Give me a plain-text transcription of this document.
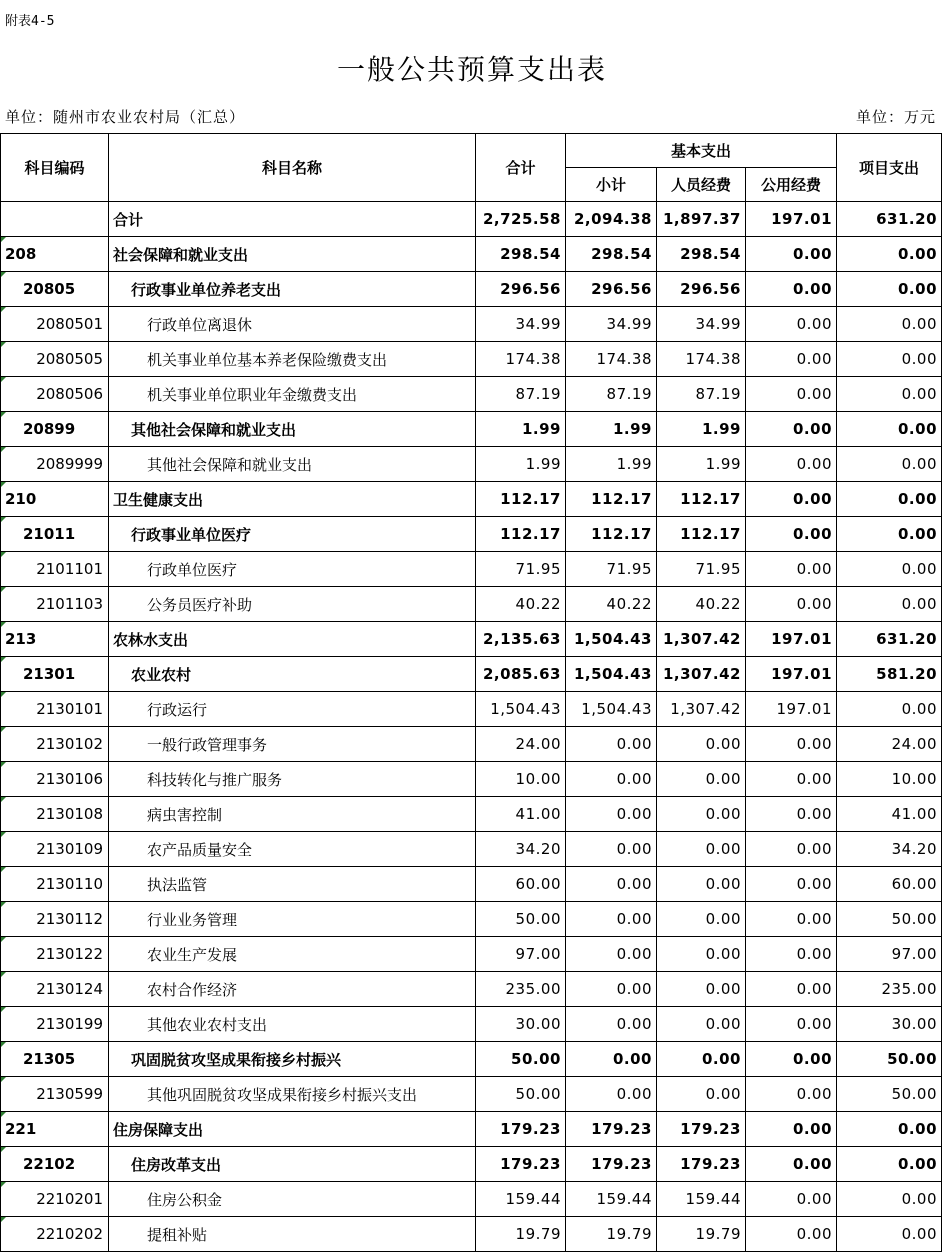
附表4-5
一般公共预算支出表
单位：随州市农业农村局（汇总）	单位：万元
科目编码	科目名称	合计	基本支出			项目支出
			小计	人员经费	公用经费	
	合计	2,725.58	2,094.38	1,897.37	197.01	631.20

208	社会保障和就业支出	298.54	298.54	298.54	0.00	0.00

20805	行政事业单位养老支出	296.56	296.56	296.56	0.00	0.00

2080501	行政单位离退休	34.99	34.99	34.99	0.00	0.00

2080505	机关事业单位基本养老保险缴费支出	174.38	174.38	174.38	0.00	0.00

2080506	机关事业单位职业年金缴费支出	87.19	87.19	87.19	0.00	0.00

20899	其他社会保障和就业支出	1.99	1.99	1.99	0.00	0.00

2089999	其他社会保障和就业支出	1.99	1.99	1.99	0.00	0.00

210	卫生健康支出	112.17	112.17	112.17	0.00	0.00

21011	行政事业单位医疗	112.17	112.17	112.17	0.00	0.00

2101101	行政单位医疗	71.95	71.95	71.95	0.00	0.00

2101103	公务员医疗补助	40.22	40.22	40.22	0.00	0.00

213	农林水支出	2,135.63	1,504.43	1,307.42	197.01	631.20

21301	农业农村	2,085.63	1,504.43	1,307.42	197.01	581.20

2130101	行政运行	1,504.43	1,504.43	1,307.42	197.01	0.00

2130102	一般行政管理事务	24.00	0.00	0.00	0.00	24.00

2130106	科技转化与推广服务	10.00	0.00	0.00	0.00	10.00

2130108	病虫害控制	41.00	0.00	0.00	0.00	41.00

2130109	农产品质量安全	34.20	0.00	0.00	0.00	34.20

2130110	执法监管	60.00	0.00	0.00	0.00	60.00

2130112	行业业务管理	50.00	0.00	0.00	0.00	50.00

2130122	农业生产发展	97.00	0.00	0.00	0.00	97.00

2130124	农村合作经济	235.00	0.00	0.00	0.00	235.00

2130199	其他农业农村支出	30.00	0.00	0.00	0.00	30.00

21305	巩固脱贫攻坚成果衔接乡村振兴	50.00	0.00	0.00	0.00	50.00

2130599	其他巩固脱贫攻坚成果衔接乡村振兴支出	50.00	0.00	0.00	0.00	50.00

221	住房保障支出	179.23	179.23	179.23	0.00	0.00

22102	住房改革支出	179.23	179.23	179.23	0.00	0.00

2210201	住房公积金	159.44	159.44	159.44	0.00	0.00

2210202	提租补贴	19.79	19.79	19.79	0.00	0.00
